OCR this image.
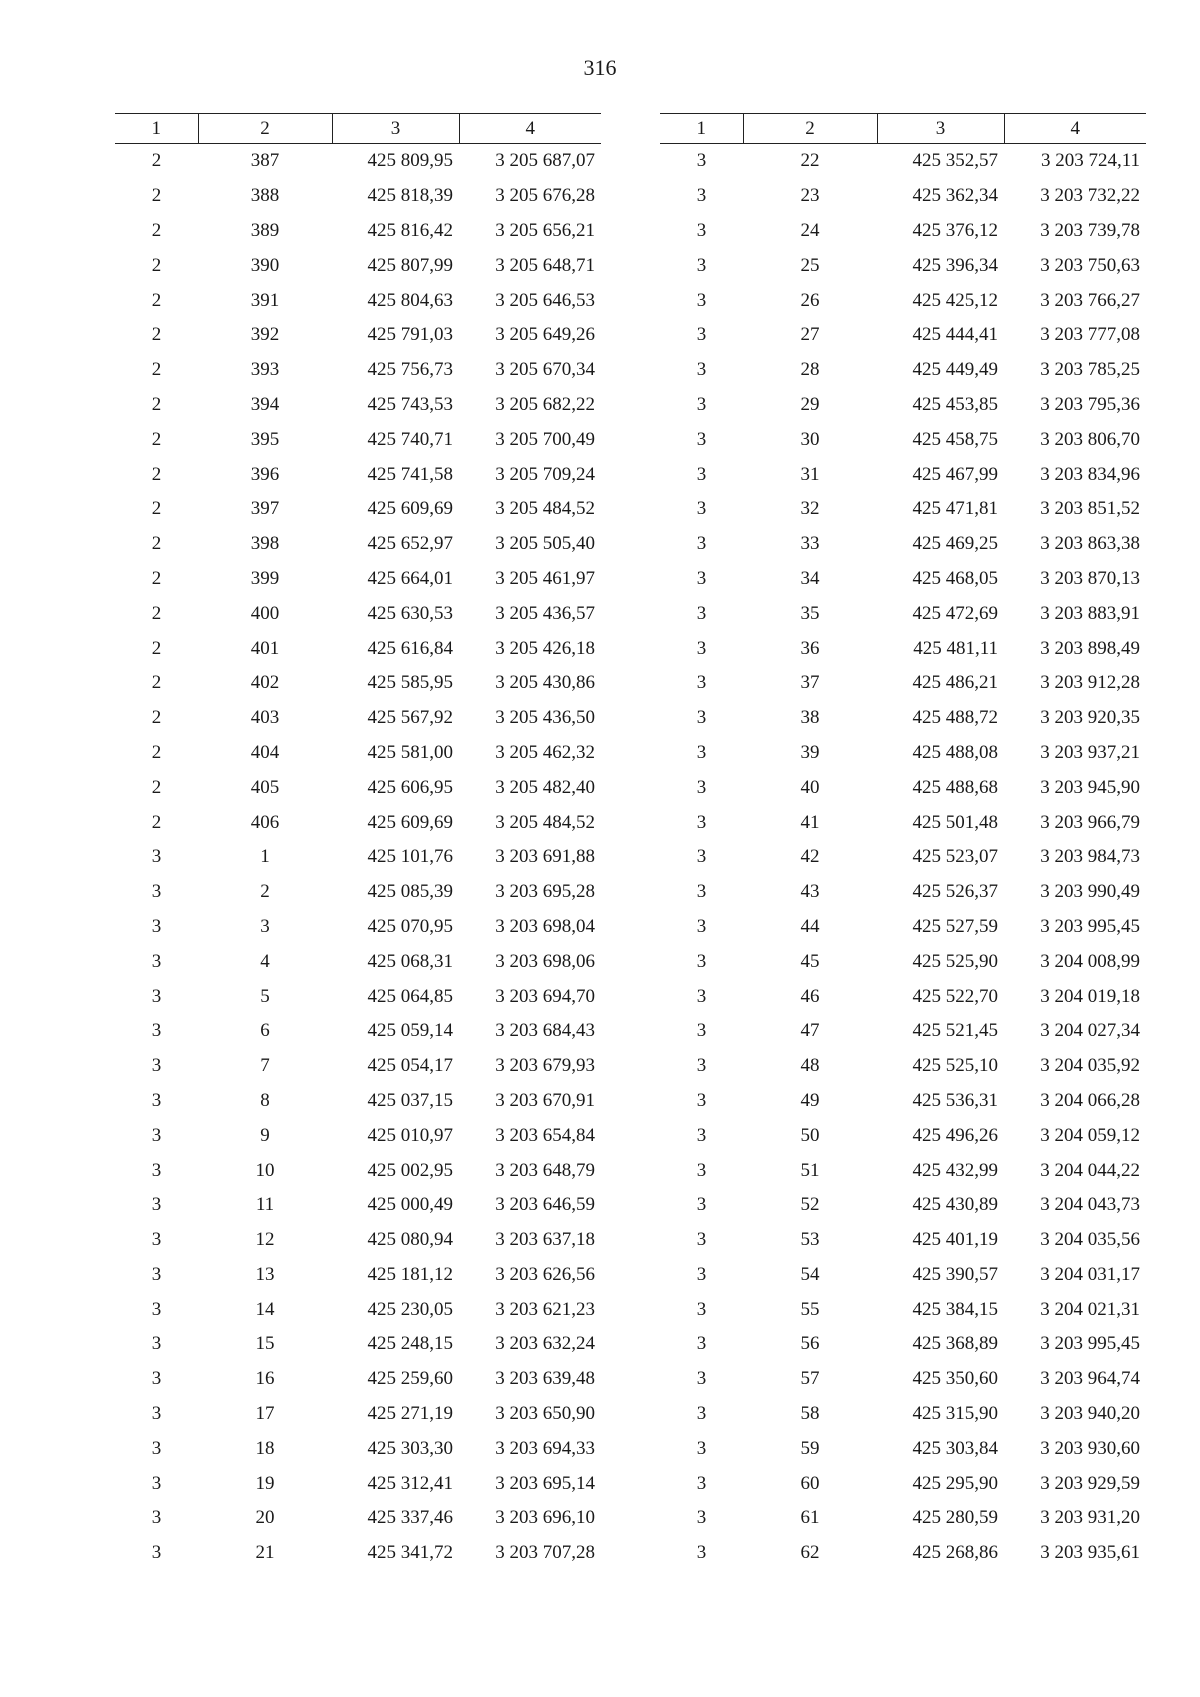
316
1	2	3	4
2	387	425 809,95	3 205 687,07
2	388	425 818,39	3 205 676,28
2	389	425 816,42	3 205 656,21
2	390	425 807,99	3 205 648,71
2	391	425 804,63	3 205 646,53
2	392	425 791,03	3 205 649,26
2	393	425 756,73	3 205 670,34
2	394	425 743,53	3 205 682,22
2	395	425 740,71	3 205 700,49
2	396	425 741,58	3 205 709,24
2	397	425 609,69	3 205 484,52
2	398	425 652,97	3 205 505,40
2	399	425 664,01	3 205 461,97
2	400	425 630,53	3 205 436,57
2	401	425 616,84	3 205 426,18
2	402	425 585,95	3 205 430,86
2	403	425 567,92	3 205 436,50
2	404	425 581,00	3 205 462,32
2	405	425 606,95	3 205 482,40
2	406	425 609,69	3 205 484,52
3	1	425 101,76	3 203 691,88
3	2	425 085,39	3 203 695,28
3	3	425 070,95	3 203 698,04
3	4	425 068,31	3 203 698,06
3	5	425 064,85	3 203 694,70
3	6	425 059,14	3 203 684,43
3	7	425 054,17	3 203 679,93
3	8	425 037,15	3 203 670,91
3	9	425 010,97	3 203 654,84
3	10	425 002,95	3 203 648,79
3	11	425 000,49	3 203 646,59
3	12	425 080,94	3 203 637,18
3	13	425 181,12	3 203 626,56
3	14	425 230,05	3 203 621,23
3	15	425 248,15	3 203 632,24
3	16	425 259,60	3 203 639,48
3	17	425 271,19	3 203 650,90
3	18	425 303,30	3 203 694,33
3	19	425 312,41	3 203 695,14
3	20	425 337,46	3 203 696,10
3	21	425 341,72	3 203 707,28
1	2	3	4
3	22	425 352,57	3 203 724,11
3	23	425 362,34	3 203 732,22
3	24	425 376,12	3 203 739,78
3	25	425 396,34	3 203 750,63
3	26	425 425,12	3 203 766,27
3	27	425 444,41	3 203 777,08
3	28	425 449,49	3 203 785,25
3	29	425 453,85	3 203 795,36
3	30	425 458,75	3 203 806,70
3	31	425 467,99	3 203 834,96
3	32	425 471,81	3 203 851,52
3	33	425 469,25	3 203 863,38
3	34	425 468,05	3 203 870,13
3	35	425 472,69	3 203 883,91
3	36	425 481,11	3 203 898,49
3	37	425 486,21	3 203 912,28
3	38	425 488,72	3 203 920,35
3	39	425 488,08	3 203 937,21
3	40	425 488,68	3 203 945,90
3	41	425 501,48	3 203 966,79
3	42	425 523,07	3 203 984,73
3	43	425 526,37	3 203 990,49
3	44	425 527,59	3 203 995,45
3	45	425 525,90	3 204 008,99
3	46	425 522,70	3 204 019,18
3	47	425 521,45	3 204 027,34
3	48	425 525,10	3 204 035,92
3	49	425 536,31	3 204 066,28
3	50	425 496,26	3 204 059,12
3	51	425 432,99	3 204 044,22
3	52	425 430,89	3 204 043,73
3	53	425 401,19	3 204 035,56
3	54	425 390,57	3 204 031,17
3	55	425 384,15	3 204 021,31
3	56	425 368,89	3 203 995,45
3	57	425 350,60	3 203 964,74
3	58	425 315,90	3 203 940,20
3	59	425 303,84	3 203 930,60
3	60	425 295,90	3 203 929,59
3	61	425 280,59	3 203 931,20
3	62	425 268,86	3 203 935,61
